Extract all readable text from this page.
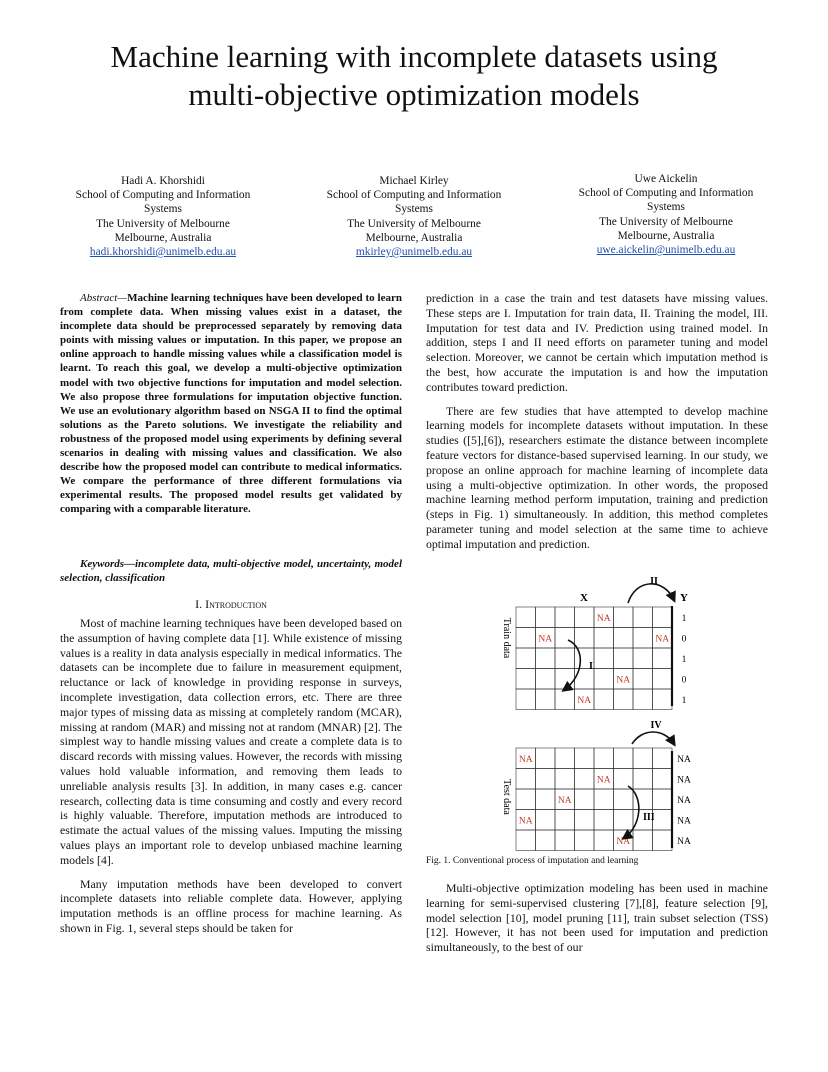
Machine learning with incomplete datasets using
multi-objective optimization models
Hadi A. Khorshidi
School of Computing and Information
Systems
The University of Melbourne
Melbourne, Australia
hadi.khorshidi@unimelb.edu.au
Michael Kirley
School of Computing and Information
Systems
The University of Melbourne
Melbourne, Australia
mkirley@unimelb.edu.au
Uwe Aickelin
School of Computing and Information
Systems
The University of Melbourne
Melbourne, Australia
uwe.aickelin@unimelb.edu.au

Abstract—Machine learning techniques have been developed to learn from complete data. When missing values exist in a dataset, the incomplete data should be preprocessed separately by removing data points with missing values or imputation. In this paper, we propose an online approach to handle missing values while a classification model is learnt. To reach this goal, we develop a multi-objective optimization model with two objective functions for imputation and model selection. We also propose three formulations for imputation objective function. We use an evolutionary algorithm based on NSGA II to find the optimal solutions as the Pareto solutions. We investigate the reliability and robustness of the proposed model using experiments by defining several scenarios in dealing with missing values and classification. We also describe how the proposed model can contribute to medical informatics. We compare the performance of three different formulations via experimental results. The proposed model results get validated by comparing with a comparable literature.

Keywords—incomplete data, multi-objective model, uncertainty, model selection, classification

I. Introduction

Most of machine learning techniques have been developed based on the assumption of having complete data [1]. While existence of missing values is a reality in data analysis especially in medical informatics. The datasets can be incomplete due to failure in measurement equipment, reluctance or lack of knowledge in providing response in surveys, incomplete investigation, data collection errors, etc. There are three major types of missing data as missing at completely random (MCAR), missing at random (MAR) and missing not at random (MNAR) [2]. The simplest way to handle missing values and create a complete data is to discard records with missing values. However, the records with missing values hold valuable information, and removing them leads to unreliable analysis results [3]. In addition, in many cases e.g. cancer research, collecting data is time consuming and costly and every record is highly valuable. Therefore, imputation methods are introduced to estimate the actual values of the missing values. Imputing the missing values plays an important role to develop unbiased machine learning models [4].

Many imputation methods have been developed to convert incomplete datasets into reliable complete data. However, applying imputation methods is an offline process for machine learning. As shown in Fig. 1, several steps should be taken for

prediction in a case the train and test datasets have missing values. These steps are I. Imputation for train data, II. Training the model, III. Imputation for test data and IV. Prediction using trained model. In addition, steps I and II need efforts on parameter tuning and model selection. Moreover, we cannot be certain which imputation method is the best, how accurate the imputation is and how the imputation contributes toward prediction.

There are few studies that have attempted to develop machine learning models for incomplete datasets without imputation. In these studies ([5],[6]), researchers estimate the distance between incomplete feature vectors for distance-based supervised learning. In our study, we propose an online approach for machine learning of incomplete data using a multi-objective optimization. In other words, the proposed machine learning method perform imputation, training and prediction (steps in Fig. 1) simultaneously. In addition, this method completes parameter tuning and model selection at the same time to achieve optimal imputation and prediction.

1
0
1
0
1
NA
NA	NA
NA
NA
NA
NA
NA
NA
NA
NA
NA
NA
NA
NA
X	Y
II
IV
I
III
Train data
Test data
Fig. 1. Conventional process of imputation and learning

Multi-objective optimization modeling has been used in machine learning for semi-supervised clustering [7],[8], feature selection [9], model selection [10], model pruning [11], train subset selection (TSS) [12]. However, it has not been used for imputation and prediction simultaneously, to the best of our
